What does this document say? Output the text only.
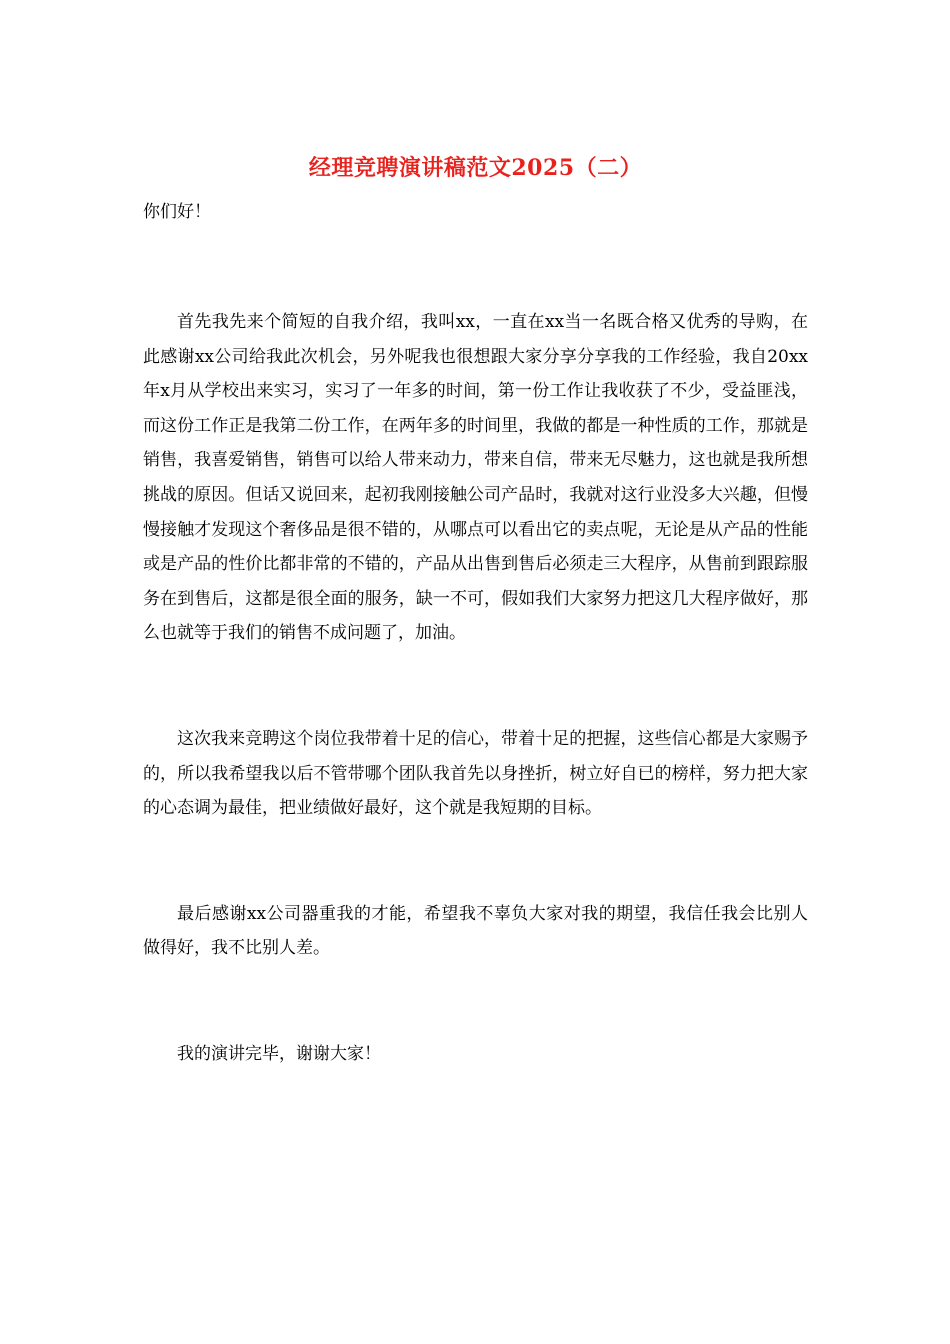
经理竞聘演讲稿范文2025（二）

你们好！

首先我先来个简短的自我介绍，我叫xx，一直在xx当一名既合格又优秀的导购，在此感谢xx公司给我此次机会，另外呢我也很想跟大家分享分享我的工作经验，我自20xx年x月从学校出来实习，实习了一年多的时间，第一份工作让我收获了不少，受益匪浅，而这份工作正是我第二份工作，在两年多的时间里，我做的都是一种性质的工作，那就是销售，我喜爱销售，销售可以给人带来动力，带来自信，带来无尽魅力，这也就是我所想挑战的原因。但话又说回来，起初我刚接触公司产品时，我就对这行业没多大兴趣，但慢慢接触才发现这个奢侈品是很不错的，从哪点可以看出它的卖点呢，无论是从产品的性能或是产品的性价比都非常的不错的，产品从出售到售后必须走三大程序，从售前到跟踪服务在到售后，这都是很全面的服务，缺一不可，假如我们大家努力把这几大程序做好，那么也就等于我们的销售不成问题了，加油。

这次我来竞聘这个岗位我带着十足的信心，带着十足的把握，这些信心都是大家赐予的，所以我希望我以后不管带哪个团队我首先以身挫折，树立好自已的榜样，努力把大家的心态调为最佳，把业绩做好最好，这个就是我短期的目标。

最后感谢xx公司器重我的才能，希望我不辜负大家对我的期望，我信任我会比别人做得好，我不比别人差。

我的演讲完毕，谢谢大家！
